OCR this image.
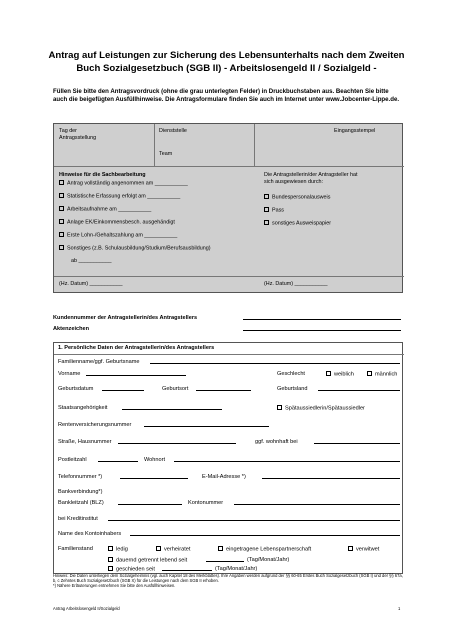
Antrag auf Leistungen zur Sicherung des Lebensunterhalts nach dem Zweiten Buch Sozialgesetzbuch (SGB II) - Arbeitslosengeld II / Sozialgeld -
Füllen Sie bitte den Antragsvordruck (ohne die grau unterlegten Felder) in Druckbuchstaben aus. Beachten Sie bitte auch die beigefügten Ausfüllhinweise. Die Antragsformulare finden Sie auch im Internet unter www.Jobcenter-Lippe.de.
Tag der
Antragsstellung
Dienststelle	Eingangsstempel
Team
Hinweise für die Sachbearbeitung
Antrag vollständig angenommen am ___________
Statistische Erfassung erfolgt am ___________
Arbeitsaufnahme am ___________
Anlage EK/Einkommensbesch. ausgehändigt
Erste Lohn-/Gehaltszahlung am ___________
Sonstiges (z.B. Schulausbildung/Studium/Berufsausbildung)
ab ___________
(Hz. Datum) ___________
Die Antragstellerin/der Antragsteller hat
sich ausgewiesen durch:
Bundespersonalausweis
Pass
sonstiges Ausweispapier
(Hz. Datum) ___________
Kundennummer der Antragstellerin/des Antragstellers
Aktenzeichen
1. Persönliche Daten der Antragstellerin/des Antragstellers
Familienname/ggf. Geburtsname
Vorname	Geschlecht	weiblich	männlich
Geburtsdatum	Geburtsort	Geburtsland
Staatsangehörigkeit	Spätaussiedlerin/Spätaussiedler
Rentenversicherungsnummer
Straße, Hausnummer	ggf. wohnhaft bei
Postleitzahl	Wohnort
Telefonnummer *)	E-Mail-Adresse *)
Bankverbindung*)
Bankleitzahl (BLZ)	Kontonummer
bei Kreditinstitut
Name des Kontoinhabers
Familienstand	ledig	verheiratet	eingetragene Lebenspartnerschaft	verwitwet
dauernd getrennt lebend seit	(Tag/Monat/Jahr)
geschieden seit	(Tag/Monat/Jahr)
Hinweis: Die Daten unterliegen dem Sozialgeheimnis (vgl. auch Kapitel 18 des Merkblattes). Ihre Angaben werden aufgrund der §§ 60-65 Erstes Buch Sozialgesetzbuch (SGB I) und der §§ 67a, b, c Zehntes Buch Sozialgesetzbuch (SGB X) für die Leistungen nach dem SGB II erhoben.
*) Nähere Erläuterungen entnehmen Sie bitte den Ausfüllhinweisen.
Antrag Arbeitslosengeld II/Sozialgeld	1
